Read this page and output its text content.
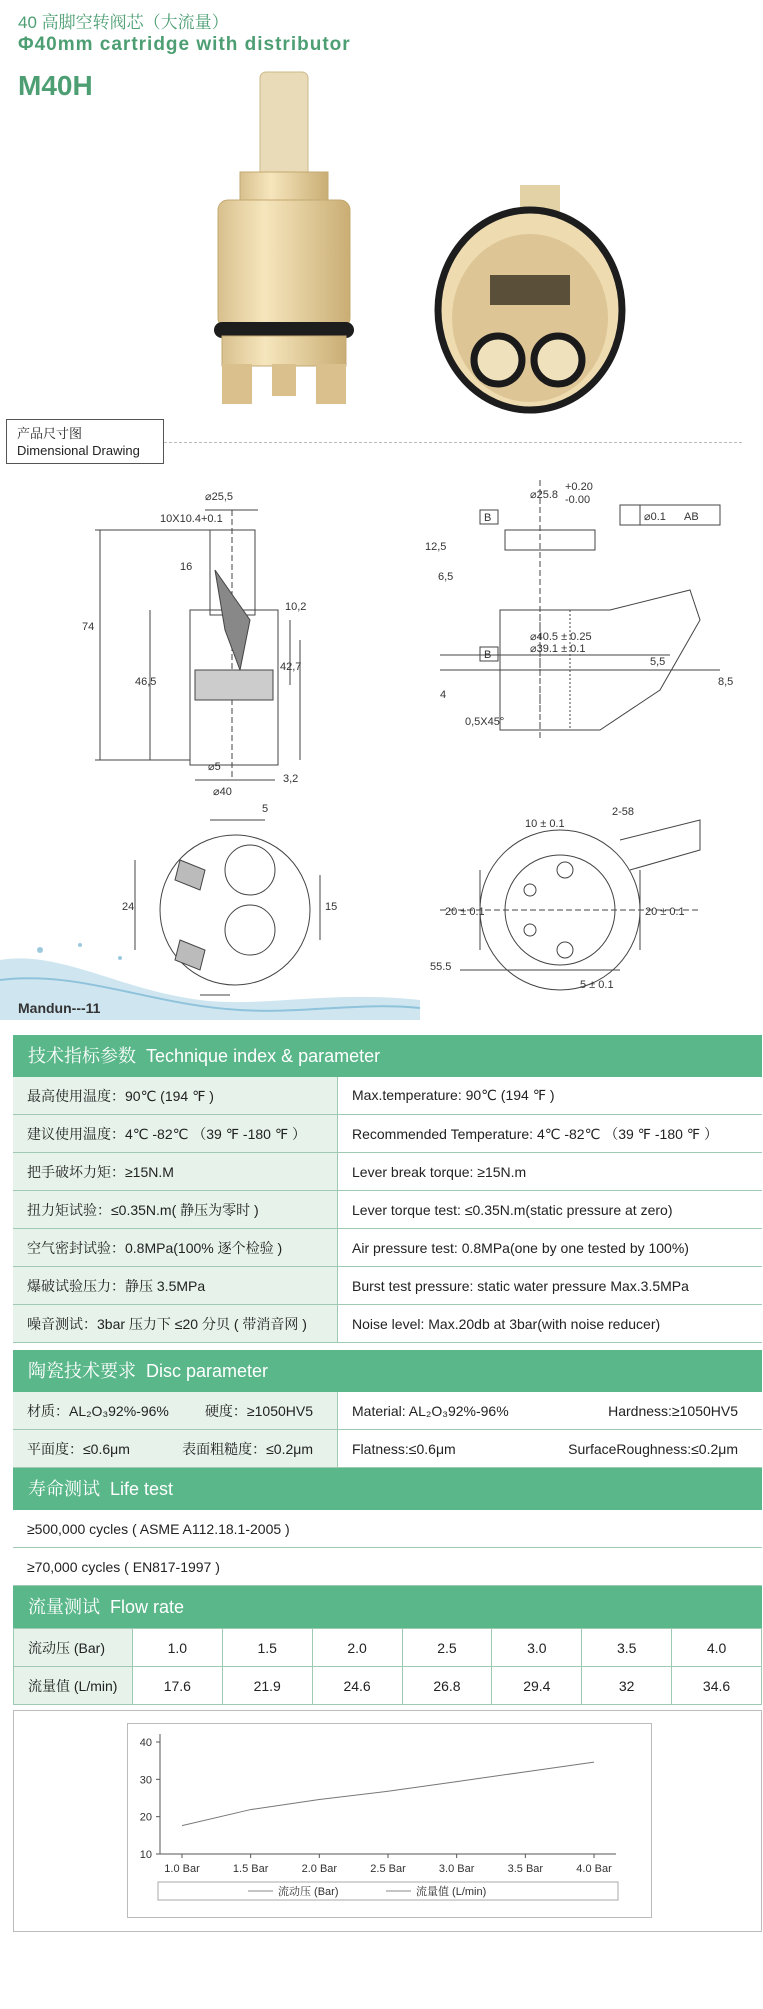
40 高脚空转阀芯（大流量）
Φ40mm cartridge with distributor
M40H
产品尺寸图
Dimensional Drawing
⌀25,5
10X10.4+0.1
16
74
10,2
46,5
42,7
⌀5
⌀40
3,2
⌀25.8
+0.20
-0.00
B	⌀0.1 AB
12,5
6,5
⌀40.5 ± 0.25
⌀39.1 ± 0.1
B
5,5
8,5
4
0,5X45°
5
24	15
10 ± 0.1
2-58
20 ± 0.1	20 ± 0.1
55.5
5 ± 0.1
Mandun---11
技术指标参数 Technique index & parameter
最高使用温度：90℃ (194 ℉ )	Max.temperature: 90℃ (194 ℉ )
建议使用温度：4℃ -82℃ （39 ℉ -180 ℉ ）	Recommended Temperature: 4℃ -82℃ （39 ℉ -180 ℉ ）
把手破坏力矩：≥15N.M	Lever break torque: ≥15N.m
扭力矩试验：≤0.35N.m( 静压为零时 )	Lever torque test: ≤0.35N.m(static pressure at zero)
空气密封试验：0.8MPa(100% 逐个检验 )	Air pressure test: 0.8MPa(one by one tested by 100%)
爆破试验压力：静压 3.5MPa	Burst test pressure: static water pressure Max.3.5MPa
噪音测试：3bar 压力下 ≤20 分贝 ( 带消音网 )	Noise level: Max.20db at 3bar(with noise reducer)
陶瓷技术要求 Disc parameter
材质：AL₂O₃92%-96%	硬度：≥1050HV5	Material: AL₂O₃92%-96%	Hardness:≥1050HV5
平面度：≤0.6μm	表面粗糙度：≤0.2μm	Flatness:≤0.6μm	SurfaceRoughness:≤0.2μm
寿命测试 Life test
≥500,000 cycles ( ASME A112.18.1-2005 )
≥70,000 cycles ( EN817-1997 )
流量测试 Flow rate
流动压 (Bar)	1.0	1.5	2.0	2.5	3.0	3.5	4.0
流量值 (L/min)	17.6	21.9	24.6	26.8	29.4	32	34.6
10
20
30
40
1.0 Bar	1.5 Bar	2.0 Bar	2.5 Bar	3.0 Bar	3.5 Bar	4.0 Bar
流动压 (Bar)	流量值 (L/min)
